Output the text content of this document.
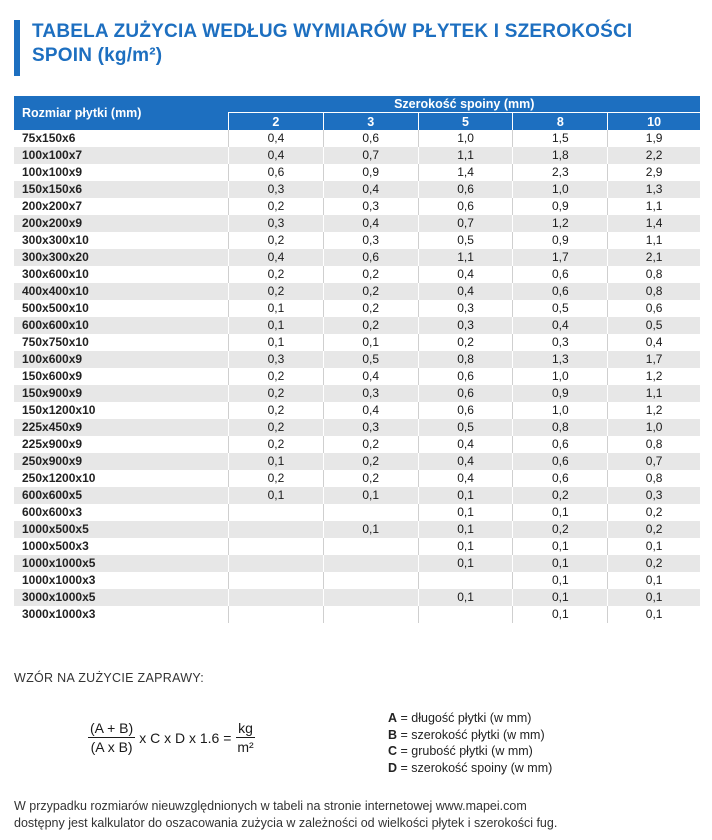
TABELA ZUŻYCIA WEDŁUG WYMIARÓW PŁYTEK I SZEROKOŚCI SPOIN (kg/m²)
Rozmiar płytki (mm)	Szerokość spoiny (mm)				
	2	3	5	8	10
75x150x6	0,4	0,6	1,0	1,5	1,9
100x100x7	0,4	0,7	1,1	1,8	2,2
100x100x9	0,6	0,9	1,4	2,3	2,9
150x150x6	0,3	0,4	0,6	1,0	1,3
200x200x7	0,2	0,3	0,6	0,9	1,1
200x200x9	0,3	0,4	0,7	1,2	1,4
300x300x10	0,2	0,3	0,5	0,9	1,1
300x300x20	0,4	0,6	1,1	1,7	2,1
300x600x10	0,2	0,2	0,4	0,6	0,8
400x400x10	0,2	0,2	0,4	0,6	0,8
500x500x10	0,1	0,2	0,3	0,5	0,6
600x600x10	0,1	0,2	0,3	0,4	0,5
750x750x10	0,1	0,1	0,2	0,3	0,4
100x600x9	0,3	0,5	0,8	1,3	1,7
150x600x9	0,2	0,4	0,6	1,0	1,2
150x900x9	0,2	0,3	0,6	0,9	1,1
150x1200x10	0,2	0,4	0,6	1,0	1,2
225x450x9	0,2	0,3	0,5	0,8	1,0
225x900x9	0,2	0,2	0,4	0,6	0,8
250x900x9	0,1	0,2	0,4	0,6	0,7
250x1200x10	0,2	0,2	0,4	0,6	0,8
600x600x5	0,1	0,1	0,1	0,2	0,3
600x600x3			0,1	0,1	0,2
1000x500x5		0,1	0,1	0,2	0,2
1000x500x3			0,1	0,1	0,1
1000x1000x5			0,1	0,1	0,2
1000x1000x3				0,1	0,1
3000x1000x5			0,1	0,1	0,1
3000x1000x3				0,1	0,1
WZÓR NA ZUŻYCIE ZAPRAWY:
$\frac{(A + B)}{\text{(A x B)}}$ x C x D x $1.6 = \frac{kg}{\text{m²}}$
A = długość płytki (w mm)
B = szerokość płytki (w mm)
C = grubość płytki (w mm)
D = szerokość spoiny (w mm)
W przypadku rozmiarów nieuwzględnionych w tabeli na stronie internetowej www.mapei.com
dostępny jest kalkulator do oszacowania zużycia w zależności od wielkości płytek i szerokości fug.
